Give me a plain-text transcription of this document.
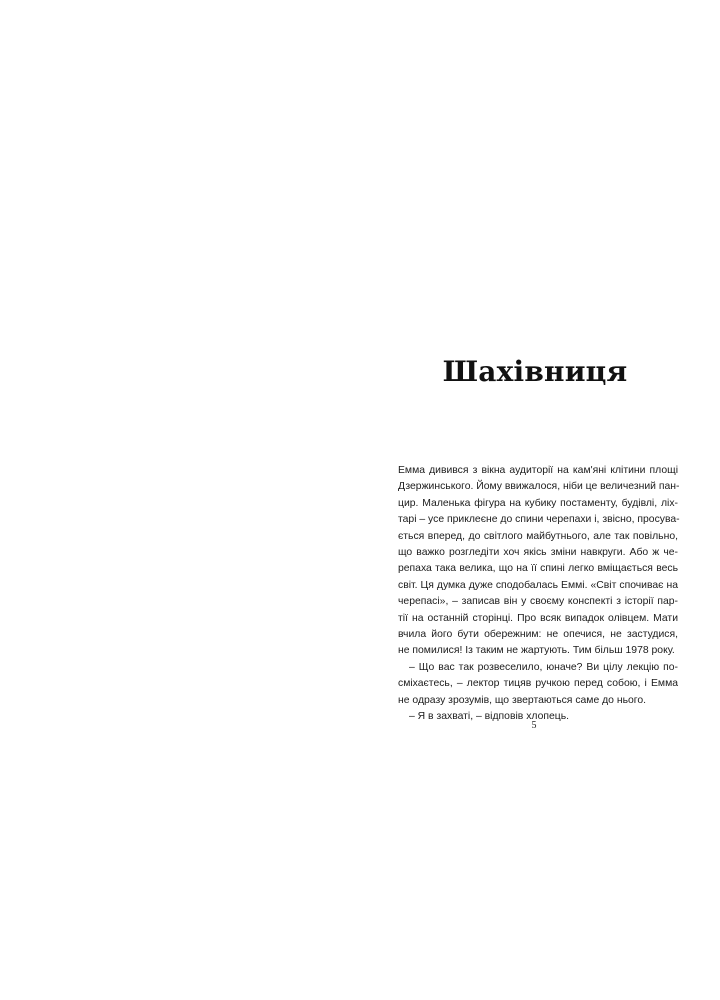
Шахівниця
Емма дивився з вікна аудиторії на кам'яні клітини площі
Дзержинського. Йому ввижалося, ніби це величезний пан-
цир. Маленька фігура на кубику постаменту, будівлі, ліх-
тарі – усе приклеєне до спини черепахи і, звісно, просува-
ється вперед, до світлого майбутнього, але так повільно,
що важко розгледіти хоч якісь зміни навкруги. Або ж че-
репаха така велика, що на її спині легко вміщається весь
світ. Ця думка дуже сподобалась Еммі. «Світ спочиває на
черепасі», – записав він у своєму конспекті з історії пар-
тії на останній сторінці. Про всяк випадок олівцем. Мати
вчила його бути обережним: не опечися, не застудися,
не помилися! Із таким не жартують. Тим більш 1978 року.
– Що вас так розвеселило, юначе? Ви цілу лекцію по-
сміхаєтесь, – лектор тицяв ручкою перед собою, і Емма
не одразу зрозумів, що звертаються саме до нього.
– Я в захваті, – відповів хлопець.
5
